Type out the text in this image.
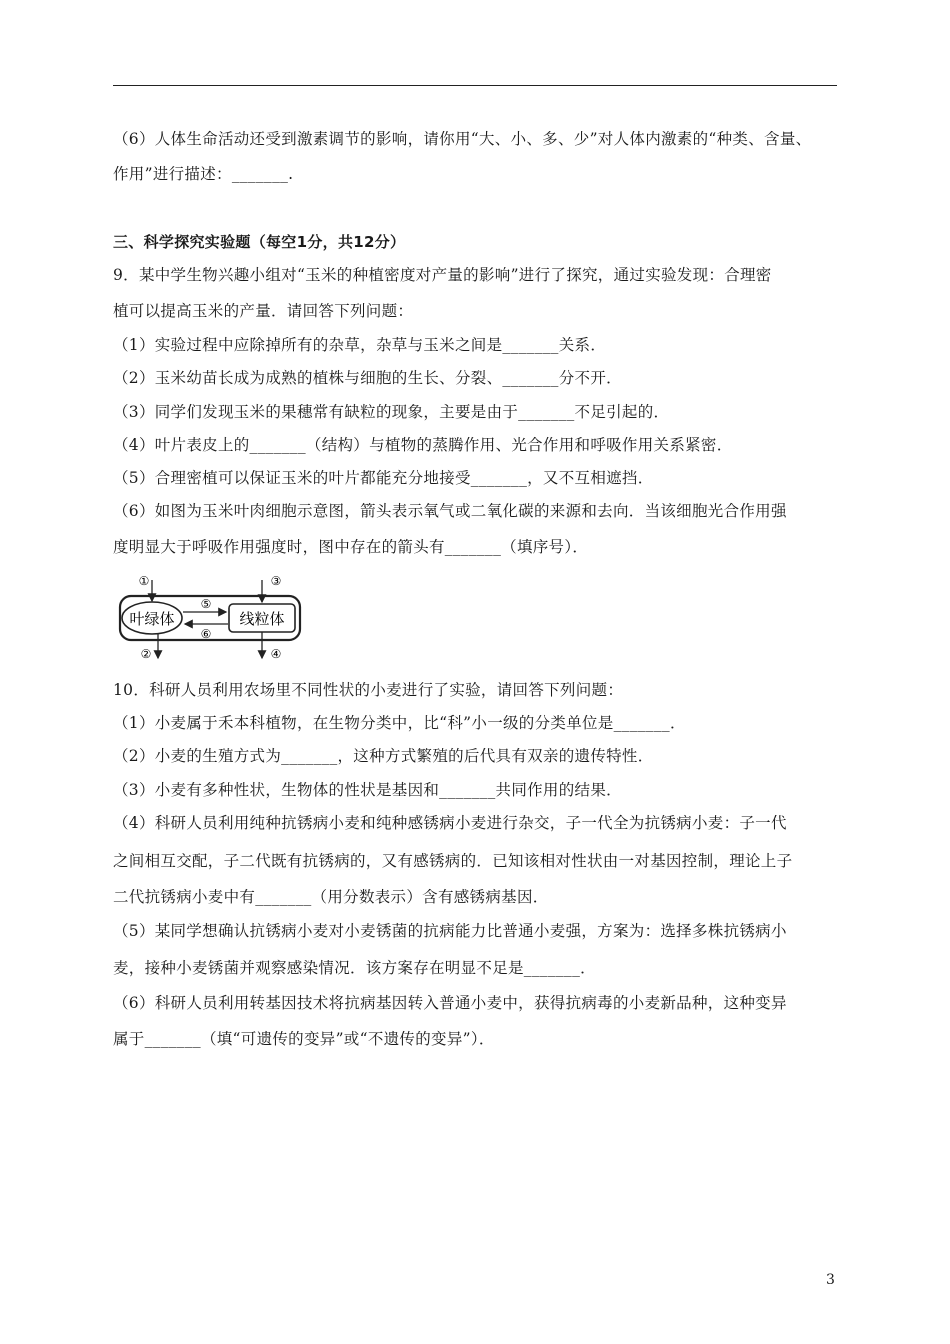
（6）人体生命活动还受到激素调节的影响，请你用“大、小、多、少”对人体内激素的“种类、含量、
作用”进行描述：_______.
三、科学探究实验题（每空1分，共12分）
9．某中学生物兴趣小组对“玉米的种植密度对产量的影响”进行了探究，通过实验发现：合理密
植可以提高玉米的产量．请回答下列问题：
（1）实验过程中应除掉所有的杂草，杂草与玉米之间是_______关系．
（2）玉米幼苗长成为成熟的植株与细胞的生长、分裂、_______分不开．
（3）同学们发现玉米的果穗常有缺粒的现象，主要是由于_______不足引起的．
（4）叶片表皮上的_______（结构）与植物的蒸腾作用、光合作用和呼吸作用关系紧密．
（5）合理密植可以保证玉米的叶片都能充分地接受_______，又不互相遮挡．
（6）如图为玉米叶肉细胞示意图，箭头表示氧气或二氧化碳的来源和去向．当该细胞光合作用强
度明显大于呼吸作用强度时，图中存在的箭头有_______（填序号）．
叶绿体	线粒体
⑤
⑥
①
②
③
④
10．科研人员利用农场里不同性状的小麦进行了实验，请回答下列问题：
（1）小麦属于禾本科植物，在生物分类中，比“科”小一级的分类单位是_______．
（2）小麦的生殖方式为_______，这种方式繁殖的后代具有双亲的遗传特性．
（3）小麦有多种性状，生物体的性状是基因和_______共同作用的结果．
（4）科研人员利用纯种抗锈病小麦和纯种感锈病小麦进行杂交，子一代全为抗锈病小麦：子一代
之间相互交配，子二代既有抗锈病的，又有感锈病的．已知该相对性状由一对基因控制，理论上子
二代抗锈病小麦中有_______（用分数表示）含有感锈病基因．
（5）某同学想确认抗锈病小麦对小麦锈菌的抗病能力比普通小麦强，方案为：选择多株抗锈病小
麦，接种小麦锈菌并观察感染情况．该方案存在明显不足是_______．
（6）科研人员利用转基因技术将抗病基因转入普通小麦中，获得抗病毒的小麦新品种，这种变异
属于_______（填“可遗传的变异”或“不遗传的变异”）．
3
